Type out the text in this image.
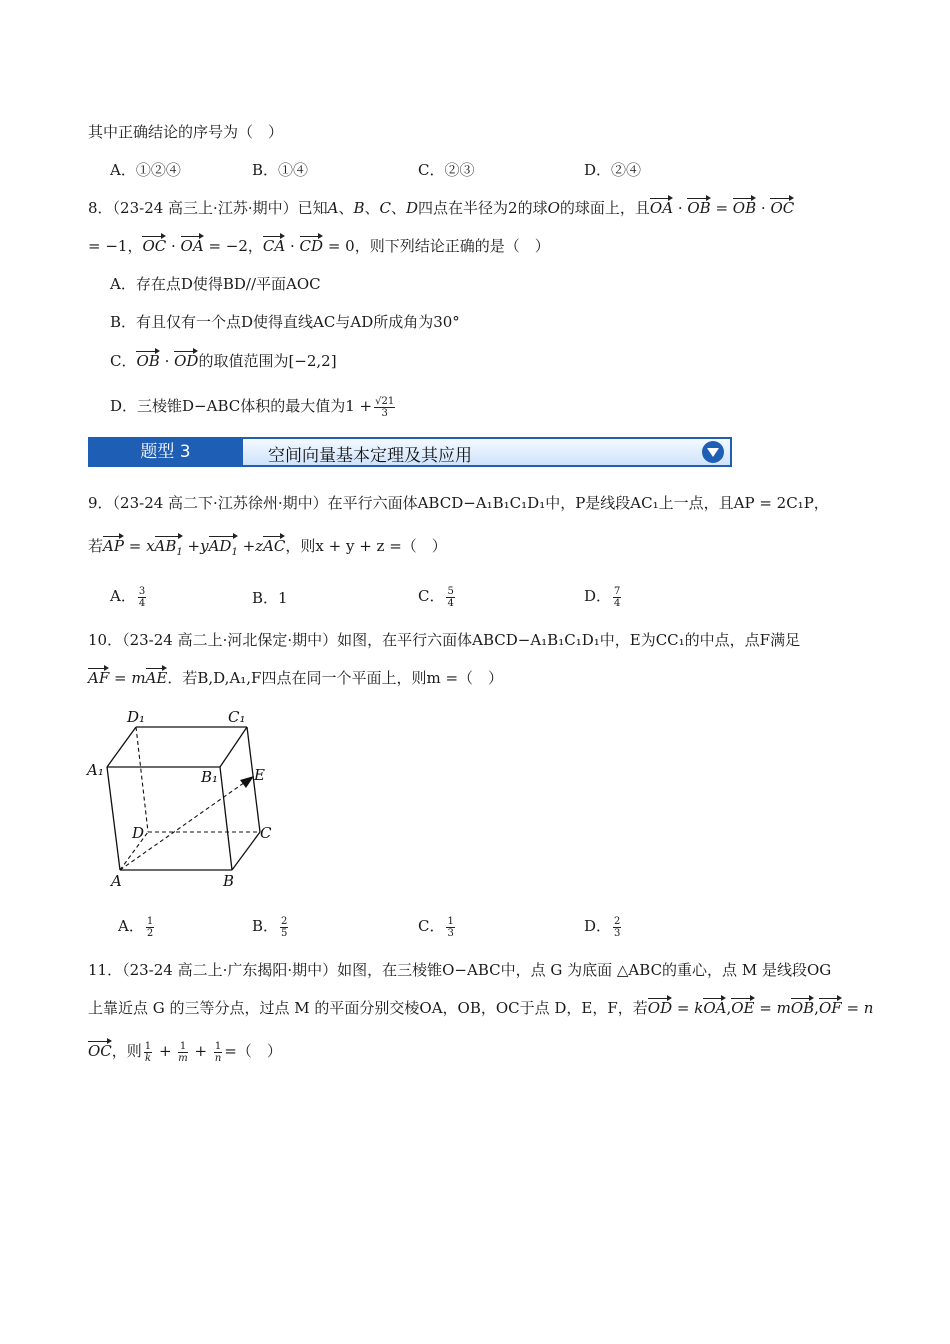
其中正确结论的序号为（　）
A．①②④	B．①④	C．②③	D．②④
8．（23-24 高三上·江苏·期中）已知A、B、C、D四点在半径为2的球O的球面上，且OA · OB = OB · OC
= −1，OC · OA = −2，CA · CD = 0，则下列结论正确的是（　）
A．存在点D使得BD//平面AOC
B．有且仅有一个点D使得直线AC与AD所成角为30°
C．OB · OD的取值范围为[−2,2]
D．三棱锥D−ABC体积的最大值为$1 + \frac{√21}{3}$
题型 3	空间向量基本定理及其应用
9．（23-24 高二下·江苏徐州·期中）在平行六面体ABCD−A₁B₁C₁D₁中，P是线段AC₁上一点，且AP = 2C₁P，
若AP = xAB$_1$ +yAD$_1$ +zAC，则x + y + z =（　）
A． $\frac{3}{4}$	B．1	C． $\frac{5}{4}$	D． $\frac{7}{4}$
10．（23-24 高二上·河北保定·期中）如图，在平行六面体ABCD−A₁B₁C₁D₁中，E为CC₁的中点，点F满足
AF = mAE．若B,D,A₁,F四点在同一个平面上，则m =（　）
D₁	C₁
A₁	B₁ E
D	C
A	B
A． $\frac{1}{2}$	B． $\frac{2}{5}$	C． $\frac{1}{3}$	D． $\frac{2}{3}$
11．（23-24 高二上·广东揭阳·期中）如图，在三棱锥O−ABC中，点 G 为底面 △ABC的重心，点 M 是线段OG
上靠近点 G 的三等分点，过点 M 的平面分别交棱OA，OB，OC于点 D，E，F，若OD = kOA,OE = mOB,OF = n
OC，则 $\frac{1}{k} + \frac{1}{m} + \frac{1}{n}$ =（　）
